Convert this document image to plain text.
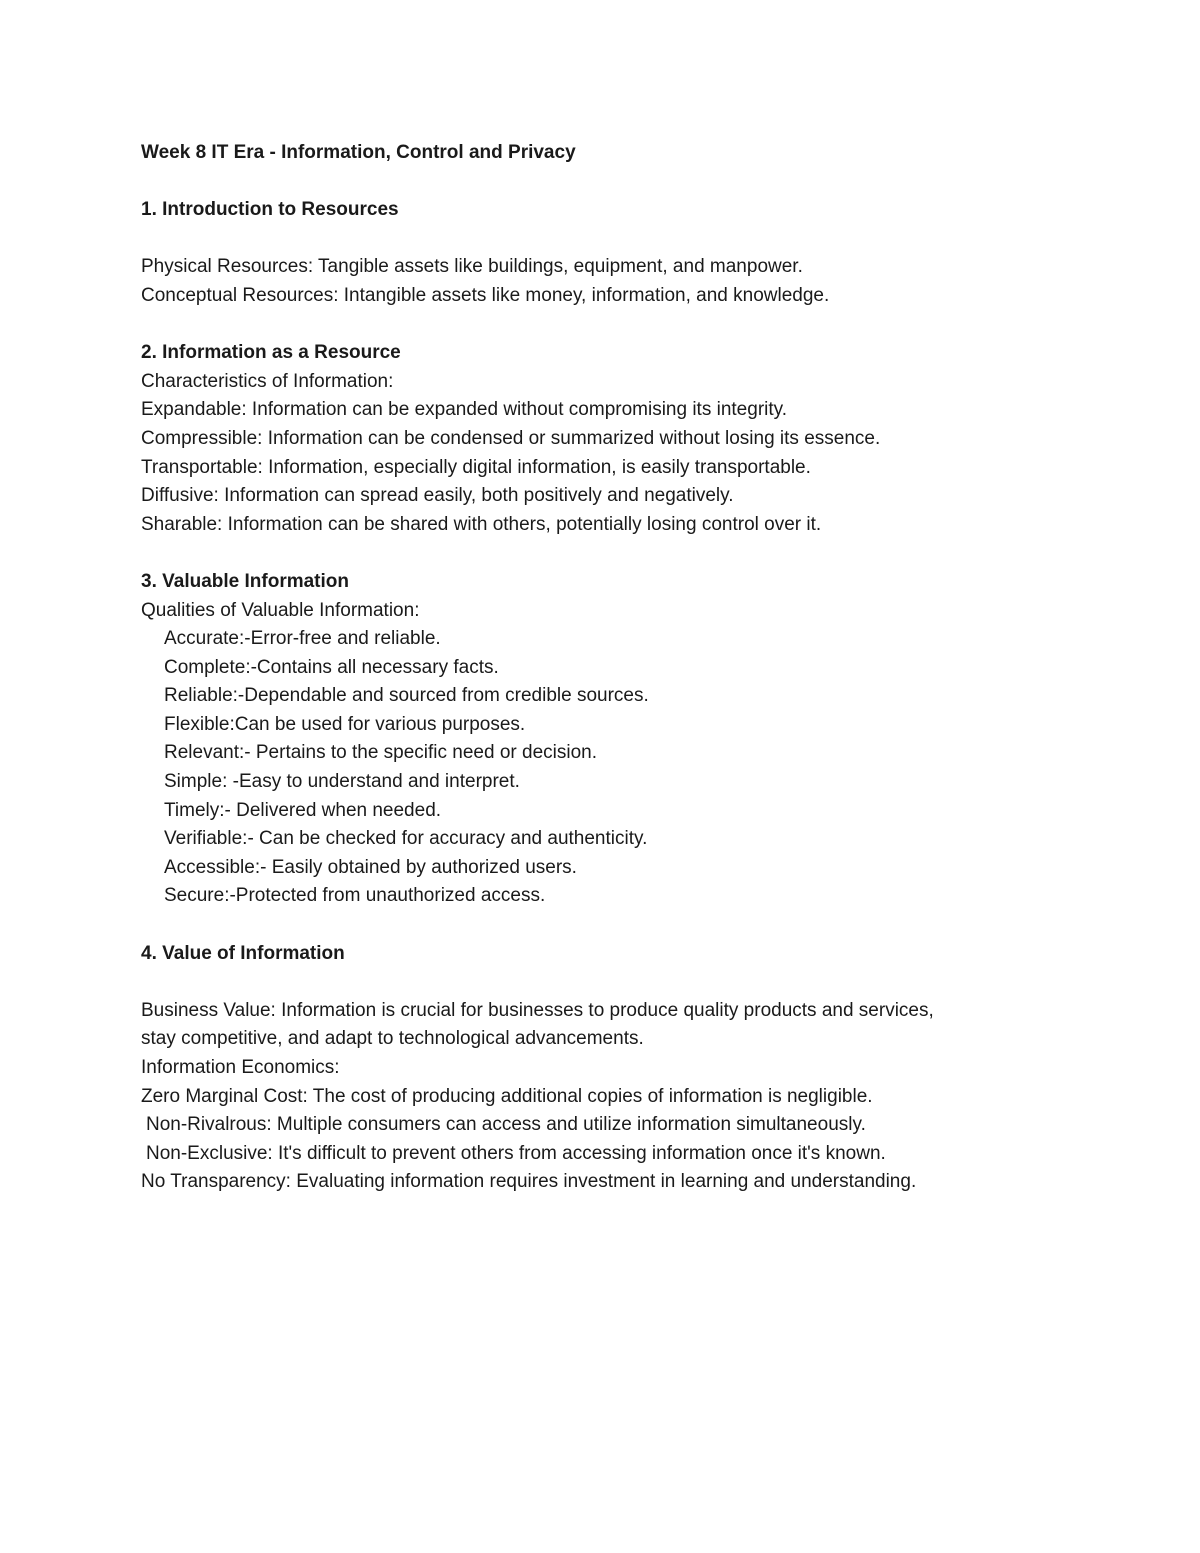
Week 8 IT Era - Information, Control and Privacy
1. Introduction to Resources
Physical Resources: Tangible assets like buildings, equipment, and manpower.
Conceptual Resources: Intangible assets like money, information, and knowledge.
2. Information as a Resource
Characteristics of Information:
Expandable: Information can be expanded without compromising its integrity.
Compressible: Information can be condensed or summarized without losing its essence.
Transportable: Information, especially digital information, is easily transportable.
Diffusive: Information can spread easily, both positively and negatively.
Sharable: Information can be shared with others, potentially losing control over it.
3. Valuable Information
Qualities of Valuable Information:
Accurate:-Error-free and reliable.
Complete:-Contains all necessary facts.
Reliable:-Dependable and sourced from credible sources.
Flexible:Can be used for various purposes.
Relevant:- Pertains to the specific need or decision.
Simple: -Easy to understand and interpret.
Timely:- Delivered when needed.
Verifiable:- Can be checked for accuracy and authenticity.
Accessible:- Easily obtained by authorized users.
Secure:-Protected from unauthorized access.
4. Value of Information
Business Value: Information is crucial for businesses to produce quality products and services,
stay competitive, and adapt to technological advancements.
Information Economics:
Zero Marginal Cost: The cost of producing additional copies of information is negligible.
Non-Rivalrous: Multiple consumers can access and utilize information simultaneously.
Non-Exclusive: It's difficult to prevent others from accessing information once it's known.
No Transparency: Evaluating information requires investment in learning and understanding.
